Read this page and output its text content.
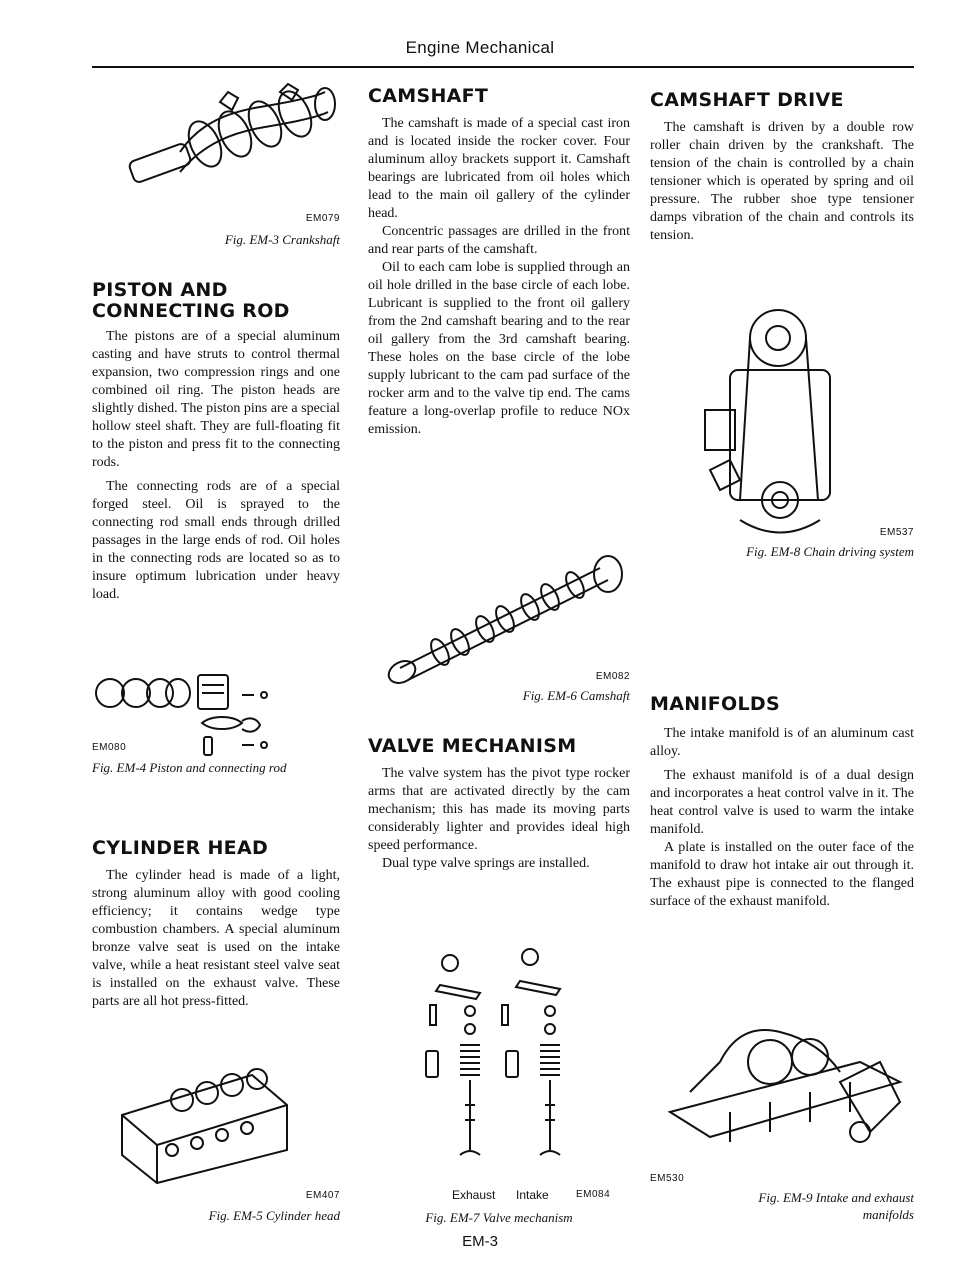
Engine Mechanical
EM079
Fig. EM-3 Crankshaft
PISTON AND
CONNECTING ROD

The pistons are of a special aluminum casting and have struts to control thermal expansion, two compression rings and one combined oil ring. The piston heads are slightly dished. The piston pins are a special hollow steel shaft. They are full-floating fit to the piston and press fit to the connecting rods.

The connecting rods are of a special forged steel. Oil is sprayed to the connecting rod small ends through drilled passages in the large ends of rod. Oil holes in the connecting rods are located so as to insure optimum lubrication under heavy load.

EM080
Fig. EM-4 Piston and connecting rod
CYLINDER HEAD

The cylinder head is made of a light, strong aluminum alloy with good cooling efficiency; it contains wedge type combustion chambers. A special aluminum bronze valve seat is used on the intake valve, while a heat resistant steel valve seat is installed on the exhaust valve. These parts are all hot press-fitted.

EM407
Fig. EM-5 Cylinder head
CAMSHAFT

The camshaft is made of a special cast iron and is located inside the rocker cover. Four aluminum alloy brackets support it. Camshaft bearings are lubricated from oil holes which lead to the main oil gallery of the cylinder head.

Concentric passages are drilled in the front and rear parts of the camshaft.

Oil to each cam lobe is supplied through an oil hole drilled in the base circle of each lobe. Lubricant is supplied to the front oil gallery from the 2nd camshaft bearing and to the rear oil gallery from the 3rd camshaft bearing. These holes on the base circle of the lobe supply lubricant to the cam pad surface of the rocker arm and to the valve tip end. The cams feature a long-overlap profile to reduce NOx emission.

EM082
Fig. EM-6 Camshaft
VALVE MECHANISM

The valve system has the pivot type rocker arms that are activated directly by the cam mechanism; this has made its moving parts considerably lighter and provides ideal high speed performance.

Dual type valve springs are installed.

Exhaust Intake	EM084
Fig. EM-7 Valve mechanism
CAMSHAFT DRIVE

The camshaft is driven by a double row roller chain driven by the crankshaft. The tension of the chain is controlled by a chain tensioner which is operated by spring and oil pressure. The rubber shoe type tensioner damps vibration of the chain and controls its tension.

EM537
Fig. EM-8 Chain driving system
MANIFOLDS

The intake manifold is of an aluminum cast alloy.

The exhaust manifold is of a dual design and incorporates a heat control valve in it. The heat control valve is used to warm the intake manifold.

A plate is installed on the outer face of the manifold to draw hot intake air out through it. The exhaust pipe is connected to the flanged surface of the exhaust manifold.

EM530
Fig. EM-9 Intake and exhaust
manifolds
EM-3
